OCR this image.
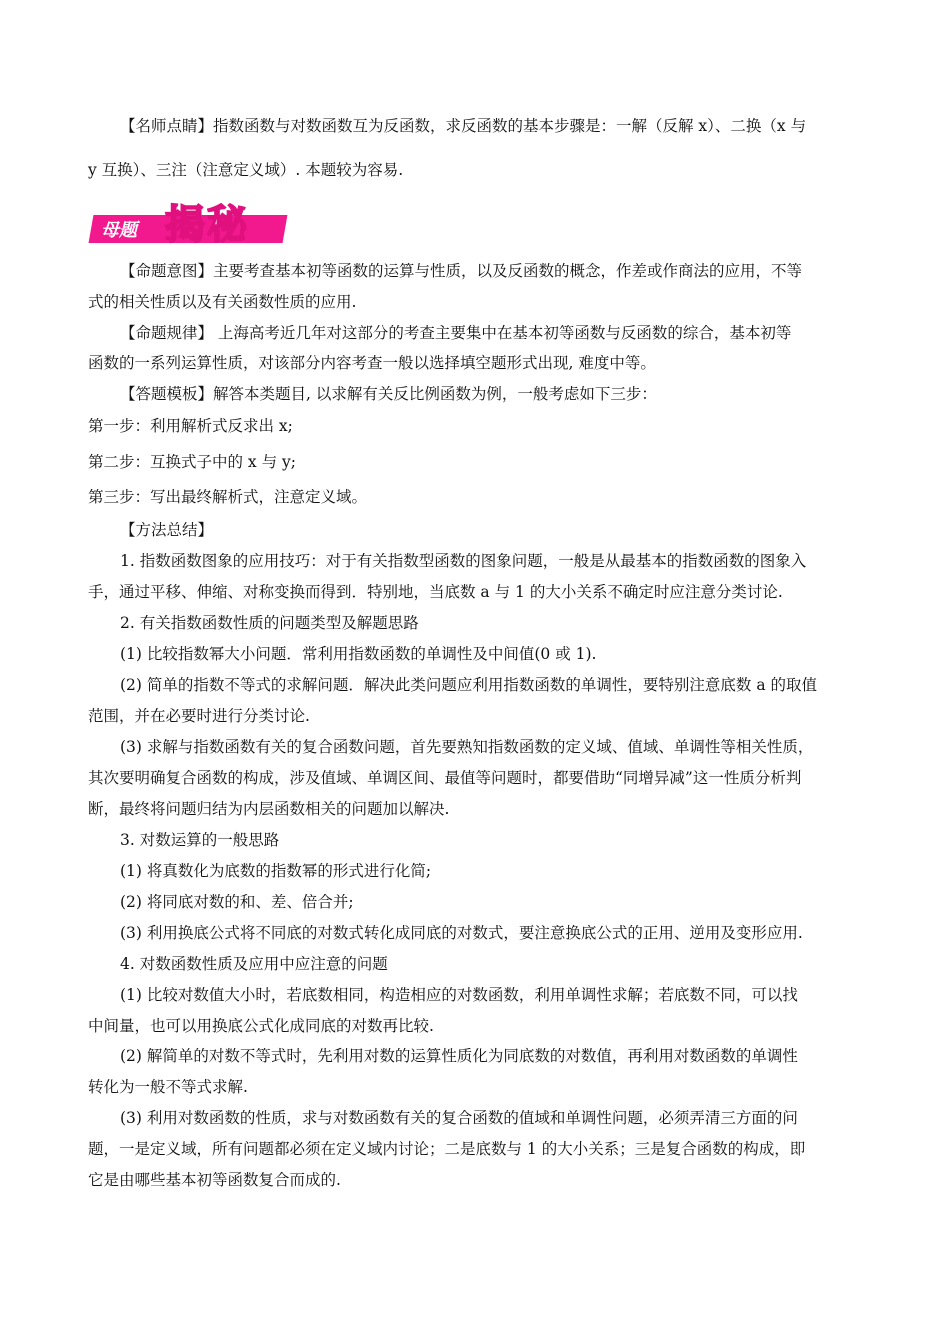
【名师点睛】指数函数与对数函数互为反函数，求反函数的基本步骤是：一解（反解 x）、二换（x 与
y 互换）、三注（注意定义域）. 本题较为容易.
母题 揭秘
【命题意图】主要考查基本初等函数的运算与性质，以及反函数的概念，作差或作商法的应用，不等
式的相关性质以及有关函数性质的应用.
【命题规律】 上海高考近几年对这部分的考查主要集中在基本初等函数与反函数的综合，基本初等
函数的一系列运算性质，对该部分内容考查一般以选择填空题形式出现, 难度中等。
【答题模板】解答本类题目, 以求解有关反比例函数为例，一般考虑如下三步：
第一步：利用解析式反求出 x;
第二步：互换式子中的 x 与 y;
第三步：写出最终解析式，注意定义域。
【方法总结】
1. 指数函数图象的应用技巧：对于有关指数型函数的图象问题，一般是从最基本的指数函数的图象入
手，通过平移、伸缩、对称变换而得到．特别地，当底数 a 与 1 的大小关系不确定时应注意分类讨论.
2. 有关指数函数性质的问题类型及解题思路
(1) 比较指数幂大小问题．常利用指数函数的单调性及中间值(0 或 1).
(2) 简单的指数不等式的求解问题．解决此类问题应利用指数函数的单调性，要特别注意底数 a 的取值
范围，并在必要时进行分类讨论.
(3) 求解与指数函数有关的复合函数问题，首先要熟知指数函数的定义域、值域、单调性等相关性质，
其次要明确复合函数的构成，涉及值域、单调区间、最值等问题时，都要借助“同增异减”这一性质分析判
断，最终将问题归结为内层函数相关的问题加以解决.
3. 对数运算的一般思路
(1) 将真数化为底数的指数幂的形式进行化简;
(2) 将同底对数的和、差、倍合并;
(3) 利用换底公式将不同底的对数式转化成同底的对数式，要注意换底公式的正用、逆用及变形应用.
4. 对数函数性质及应用中应注意的问题
(1) 比较对数值大小时，若底数相同，构造相应的对数函数，利用单调性求解；若底数不同，可以找
中间量，也可以用换底公式化成同底的对数再比较.
(2) 解简单的对数不等式时，先利用对数的运算性质化为同底数的对数值，再利用对数函数的单调性
转化为一般不等式求解.
(3) 利用对数函数的性质，求与对数函数有关的复合函数的值域和单调性问题，必须弄清三方面的问
题，一是定义域，所有问题都必须在定义域内讨论；二是底数与 1 的大小关系；三是复合函数的构成，即
它是由哪些基本初等函数复合而成的.
